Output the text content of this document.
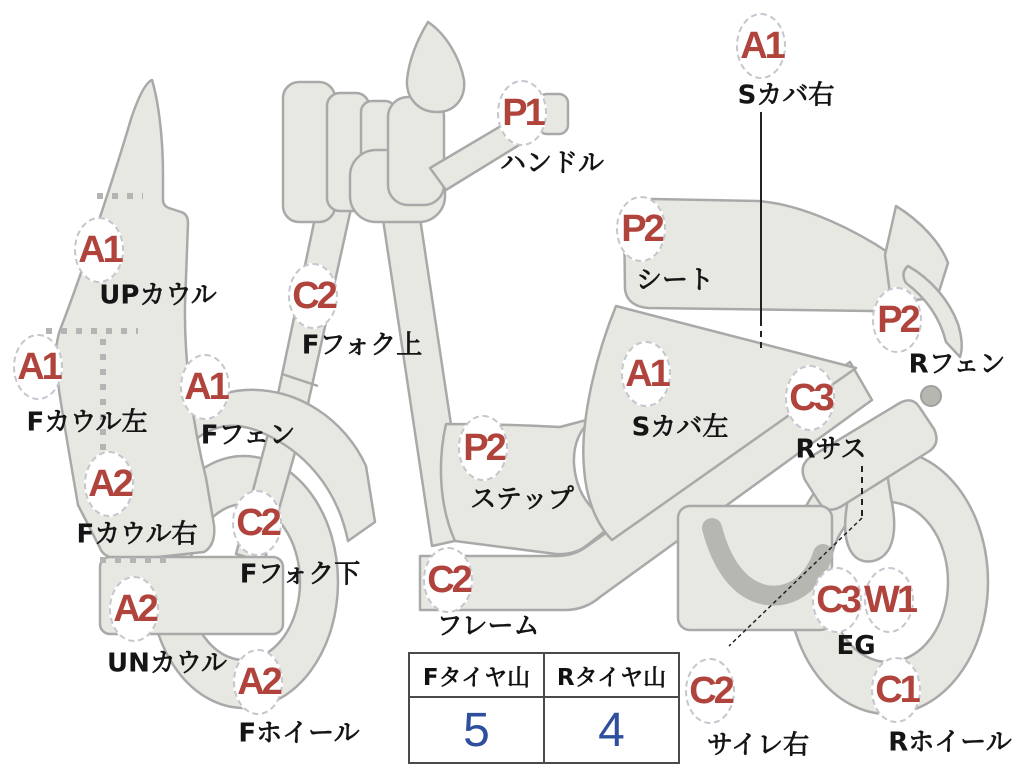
A1
A1
A2
A2
A2
A1
C2
C2
P1
P2
C2
A1
P2
A1
C3
P2
C3 W1
C1
C2
UPカウル
Fカウル左
Fカウル右
UNカウル
Fホイール
Fフェン
Fフォク下
Fフォク上
ハンドル
ステップ
フレーム
Sカバ右
シート
Sカバ左
Rサス
Rフェン
EG
Rホイール
サイレ右
Fタイヤ山	Rタイヤ山
5	4
